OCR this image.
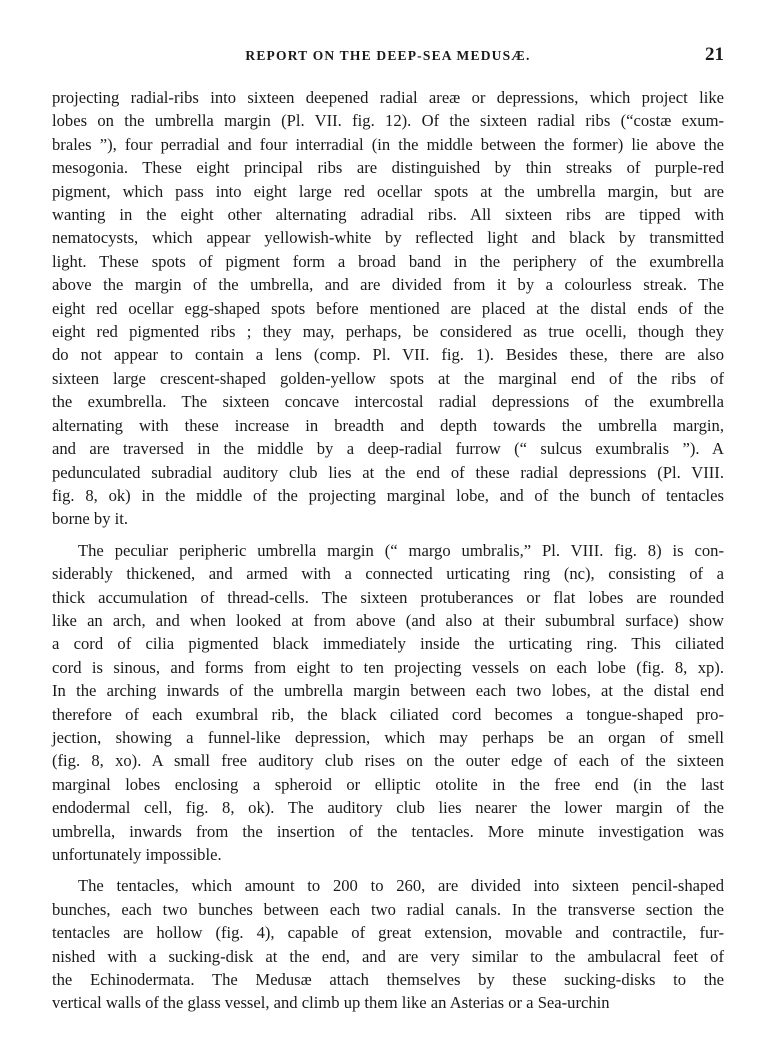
REPORT ON THE DEEP-SEA MEDUSÆ.	21
projecting radial-ribs into sixteen deepened radial areæ or depressions, which project like
lobes on the umbrella margin (Pl. VII. fig. 12). Of the sixteen radial ribs (“costæ exum-
brales ”), four perradial and four interradial (in the middle between the former) lie above the
mesogonia. These eight principal ribs are distinguished by thin streaks of purple-red
pigment, which pass into eight large red ocellar spots at the umbrella margin, but are
wanting in the eight other alternating adradial ribs. All sixteen ribs are tipped with
nematocysts, which appear yellowish-white by reflected light and black by transmitted
light. These spots of pigment form a broad band in the periphery of the exumbrella
above the margin of the umbrella, and are divided from it by a colourless streak. The
eight red ocellar egg-shaped spots before mentioned are placed at the distal ends of the
eight red pigmented ribs ; they may, perhaps, be considered as true ocelli, though they
do not appear to contain a lens (comp. Pl. VII. fig. 1). Besides these, there are also
sixteen large crescent-shaped golden-yellow spots at the marginal end of the ribs of
the exumbrella. The sixteen concave intercostal radial depressions of the exumbrella
alternating with these increase in breadth and depth towards the umbrella margin,
and are traversed in the middle by a deep-radial furrow (“ sulcus exumbralis ”). A
pedunculated subradial auditory club lies at the end of these radial depressions (Pl. VIII.
fig. 8, ok) in the middle of the projecting marginal lobe, and of the bunch of tentacles
borne by it.
The peculiar peripheric umbrella margin (“ margo umbralis,” Pl. VIII. fig. 8) is con-
siderably thickened, and armed with a connected urticating ring (nc), consisting of a
thick accumulation of thread-cells. The sixteen protuberances or flat lobes are rounded
like an arch, and when looked at from above (and also at their subumbral surface) show
a cord of cilia pigmented black immediately inside the urticating ring. This ciliated
cord is sinous, and forms from eight to ten projecting vessels on each lobe (fig. 8, xp).
In the arching inwards of the umbrella margin between each two lobes, at the distal end
therefore of each exumbral rib, the black ciliated cord becomes a tongue-shaped pro-
jection, showing a funnel-like depression, which may perhaps be an organ of smell
(fig. 8, xo). A small free auditory club rises on the outer edge of each of the sixteen
marginal lobes enclosing a spheroid or elliptic otolite in the free end (in the last
endodermal cell, fig. 8, ok). The auditory club lies nearer the lower margin of the
umbrella, inwards from the insertion of the tentacles. More minute investigation was
unfortunately impossible.
The tentacles, which amount to 200 to 260, are divided into sixteen pencil-shaped
bunches, each two bunches between each two radial canals. In the transverse section the
tentacles are hollow (fig. 4), capable of great extension, movable and contractile, fur-
nished with a sucking-disk at the end, and are very similar to the ambulacral feet of
the Echinodermata. The Medusæ attach themselves by these sucking-disks to the
vertical walls of the glass vessel, and climb up them like an Asterias or a Sea-urchin
